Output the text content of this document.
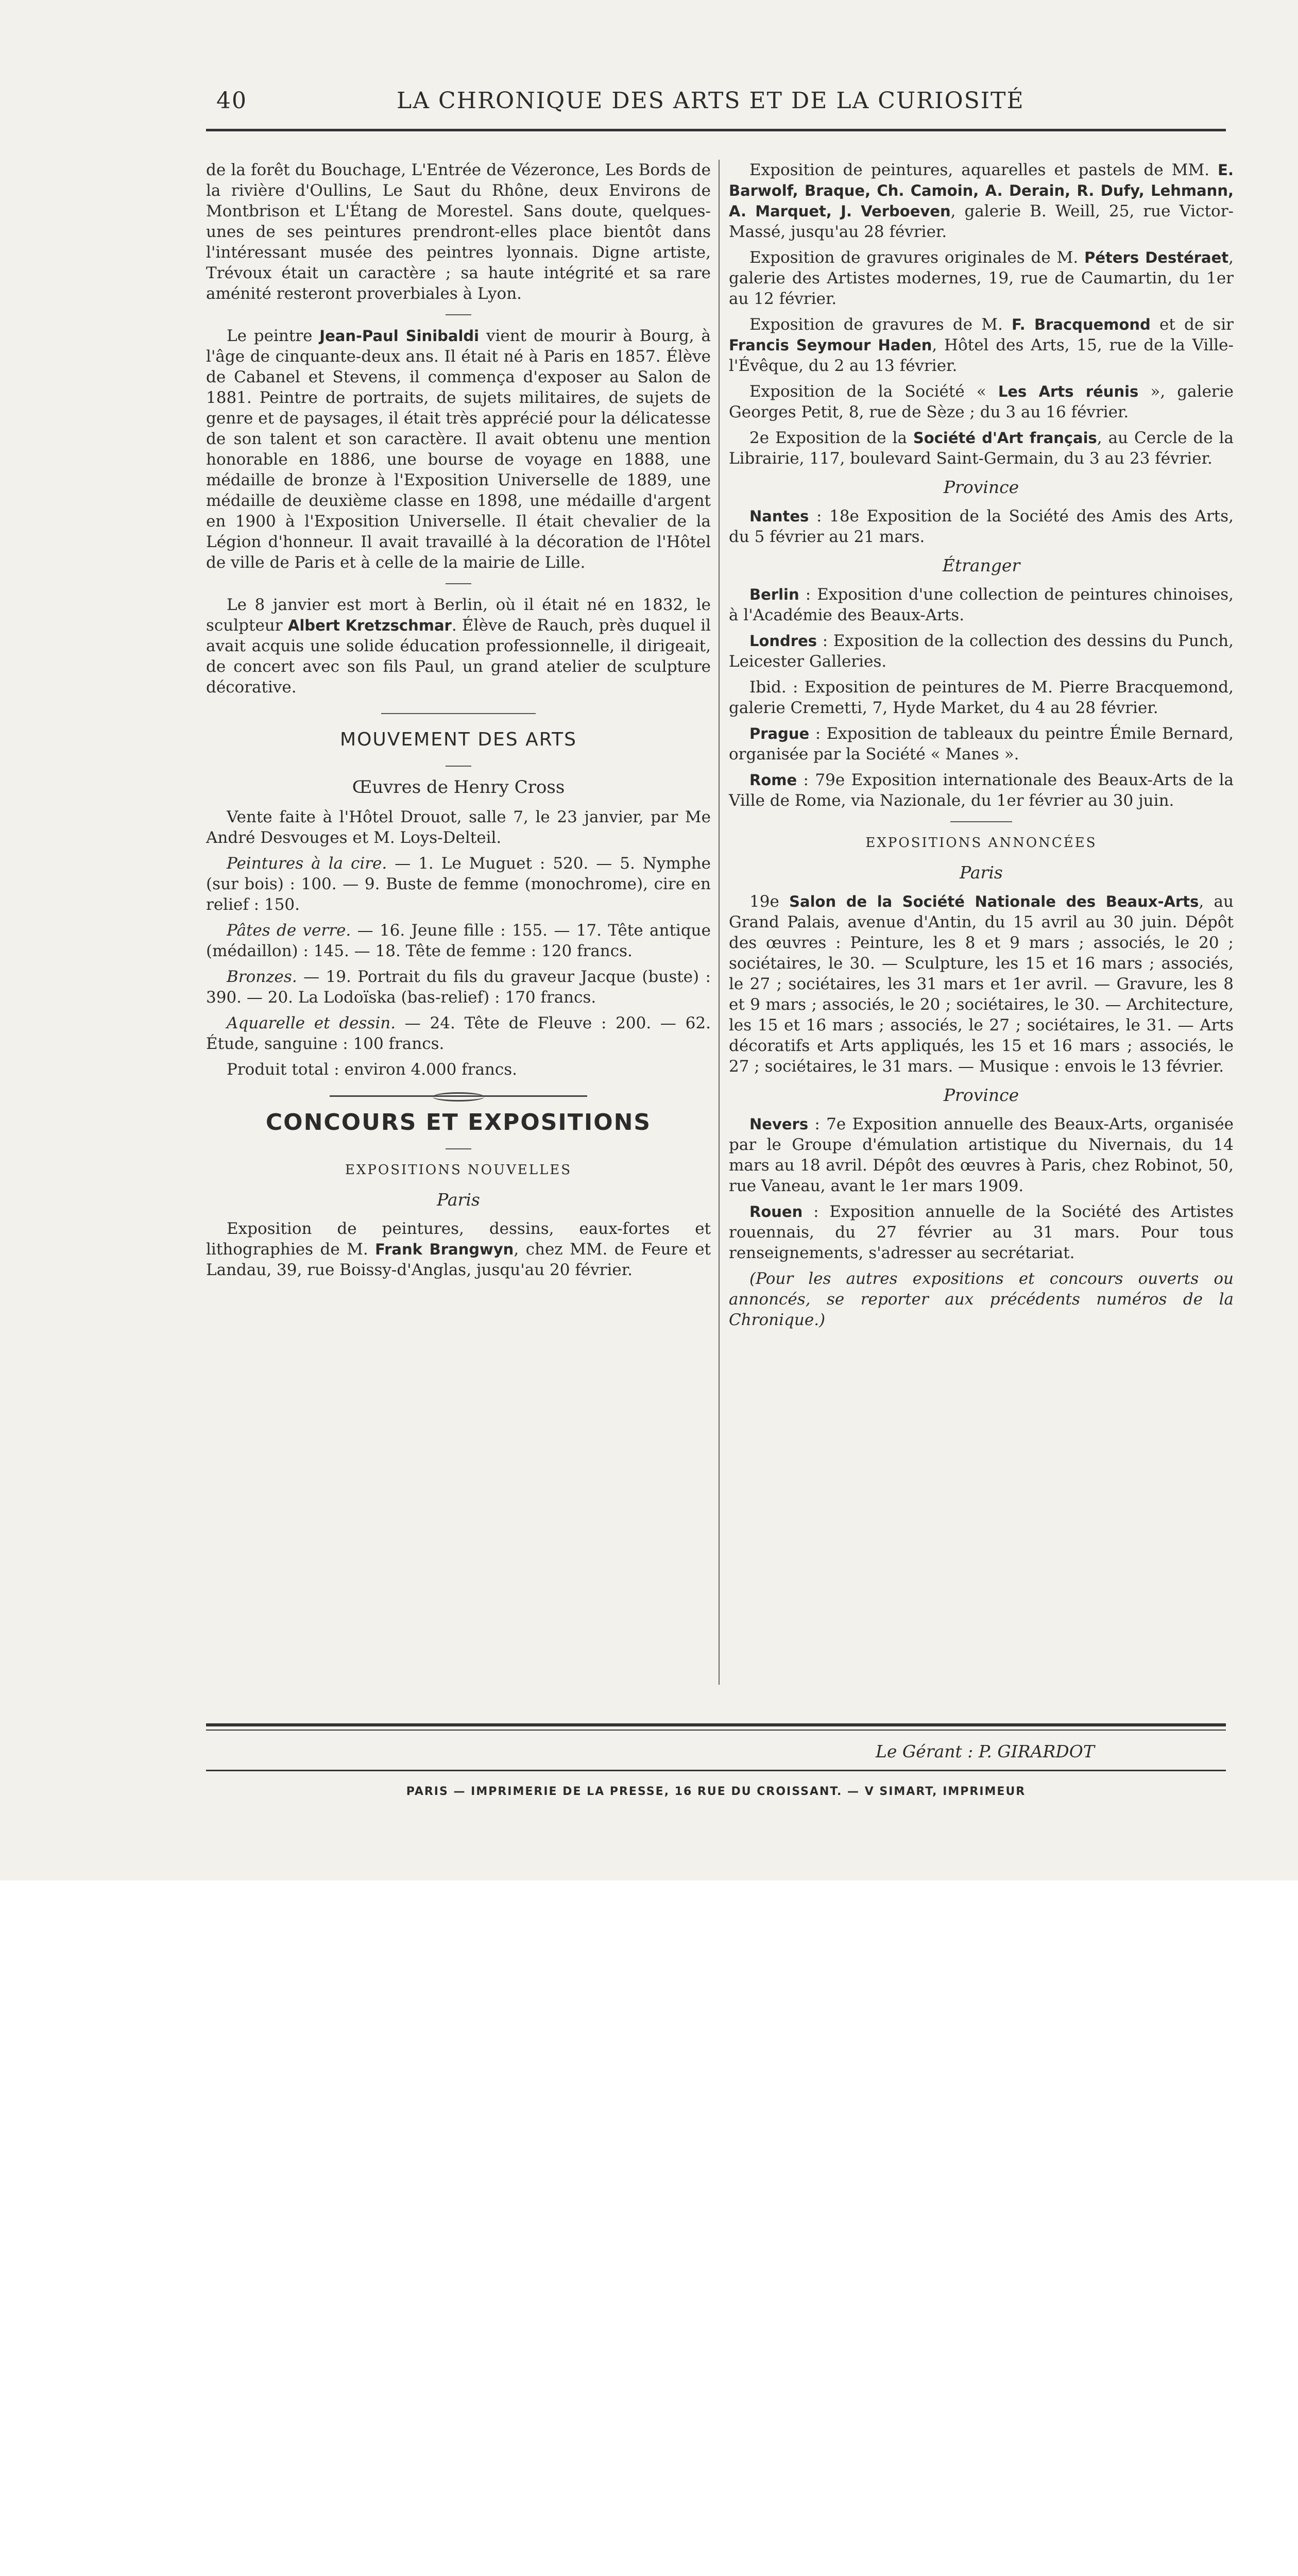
40	LA CHRONIQUE DES ARTS ET DE LA CURIOSITÉ

de la forêt du Bouchage, L'Entrée de Vézeronce, Les Bords de la rivière d'Oullins, Le Saut du Rhône, deux Environs de Montbrison et L'Étang de Morestel. Sans doute, quelques-unes de ses peintures prendront-elles place bientôt dans l'intéressant musée des peintres lyonnais. Digne artiste, Trévoux était un caractère ; sa haute intégrité et sa rare aménité resteront proverbiales à Lyon.

Le peintre Jean-Paul Sinibaldi vient de mourir à Bourg, à l'âge de cinquante-deux ans. Il était né à Paris en 1857. Élève de Cabanel et Stevens, il commença d'exposer au Salon de 1881. Peintre de portraits, de sujets militaires, de sujets de genre et de paysages, il était très apprécié pour la délicatesse de son talent et son caractère. Il avait obtenu une mention honorable en 1886, une bourse de voyage en 1888, une médaille de bronze à l'Exposition Universelle de 1889, une médaille de deuxième classe en 1898, une médaille d'argent en 1900 à l'Exposition Universelle. Il était chevalier de la Légion d'honneur. Il avait travaillé à la décoration de l'Hôtel de ville de Paris et à celle de la mairie de Lille.

Le 8 janvier est mort à Berlin, où il était né en 1832, le sculpteur Albert Kretzschmar. Élève de Rauch, près duquel il avait acquis une solide éducation professionnelle, il dirigeait, de concert avec son fils Paul, un grand atelier de sculpture décorative.

MOUVEMENT DES ARTS
Œuvres de Henry Cross

Vente faite à l'Hôtel Drouot, salle 7, le 23 janvier, par Me André Desvouges et M. Loys-Delteil.

Peintures à la cire. — 1. Le Muguet : 520. — 5. Nymphe (sur bois) : 100. — 9. Buste de femme (monochrome), cire en relief : 150.

Pâtes de verre. — 16. Jeune fille : 155. — 17. Tête antique (médaillon) : 145. — 18. Tête de femme : 120 francs.

Bronzes. — 19. Portrait du fils du graveur Jacque (buste) : 390. — 20. La Lodoïska (bas-relief) : 170 francs.

Aquarelle et dessin. — 24. Tête de Fleuve : 200. — 62. Étude, sanguine : 100 francs.

Produit total : environ 4.000 francs.

CONCOURS ET EXPOSITIONS
EXPOSITIONS NOUVELLES
Paris

Exposition de peintures, dessins, eaux-fortes et lithographies de M. Frank Brangwyn, chez MM. de Feure et Landau, 39, rue Boissy-d'Anglas, jusqu'au 20 février.

Exposition de peintures, aquarelles et pastels de MM. E. Barwolf, Braque, Ch. Camoin, A. Derain, R. Dufy, Lehmann, A. Marquet, J. Verboeven, galerie B. Weill, 25, rue Victor-Massé, jusqu'au 28 février.

Exposition de gravures originales de M. Péters Destéraet, galerie des Artistes modernes, 19, rue de Caumartin, du 1er au 12 février.

Exposition de gravures de M. F. Bracquemond et de sir Francis Seymour Haden, Hôtel des Arts, 15, rue de la Ville-l'Évêque, du 2 au 13 février.

Exposition de la Société « Les Arts réunis », galerie Georges Petit, 8, rue de Sèze ; du 3 au 16 février.

2e Exposition de la Société d'Art français, au Cercle de la Librairie, 117, boulevard Saint-Germain, du 3 au 23 février.

Province

Nantes : 18e Exposition de la Société des Amis des Arts, du 5 février au 21 mars.

Étranger

Berlin : Exposition d'une collection de peintures chinoises, à l'Académie des Beaux-Arts.

Londres : Exposition de la collection des dessins du Punch, Leicester Galleries.

Ibid. : Exposition de peintures de M. Pierre Bracquemond, galerie Cremetti, 7, Hyde Market, du 4 au 28 février.

Prague : Exposition de tableaux du peintre Émile Bernard, organisée par la Société « Manes ».

Rome : 79e Exposition internationale des Beaux-Arts de la Ville de Rome, via Nazionale, du 1er février au 30 juin.

EXPOSITIONS ANNONCÉES
Paris

19e Salon de la Société Nationale des Beaux-Arts, au Grand Palais, avenue d'Antin, du 15 avril au 30 juin. Dépôt des œuvres : Peinture, les 8 et 9 mars ; associés, le 20 ; sociétaires, le 30. — Sculpture, les 15 et 16 mars ; associés, le 27 ; sociétaires, les 31 mars et 1er avril. — Gravure, les 8 et 9 mars ; associés, le 20 ; sociétaires, le 30. — Architecture, les 15 et 16 mars ; associés, le 27 ; sociétaires, le 31. — Arts décoratifs et Arts appliqués, les 15 et 16 mars ; associés, le 27 ; sociétaires, le 31 mars. — Musique : envois le 13 février.

Province

Nevers : 7e Exposition annuelle des Beaux-Arts, organisée par le Groupe d'émulation artistique du Nivernais, du 14 mars au 18 avril. Dépôt des œuvres à Paris, chez Robinot, 50, rue Vaneau, avant le 1er mars 1909.

Rouen : Exposition annuelle de la Société des Artistes rouennais, du 27 février au 31 mars. Pour tous renseignements, s'adresser au secrétariat.

(Pour les autres expositions et concours ouverts ou annoncés, se reporter aux précédents numéros de la Chronique.)

Le Gérant : P. GIRARDOT
PARIS — IMPRIMERIE DE LA PRESSE, 16 RUE DU CROISSANT. — V SIMART, IMPRIMEUR
